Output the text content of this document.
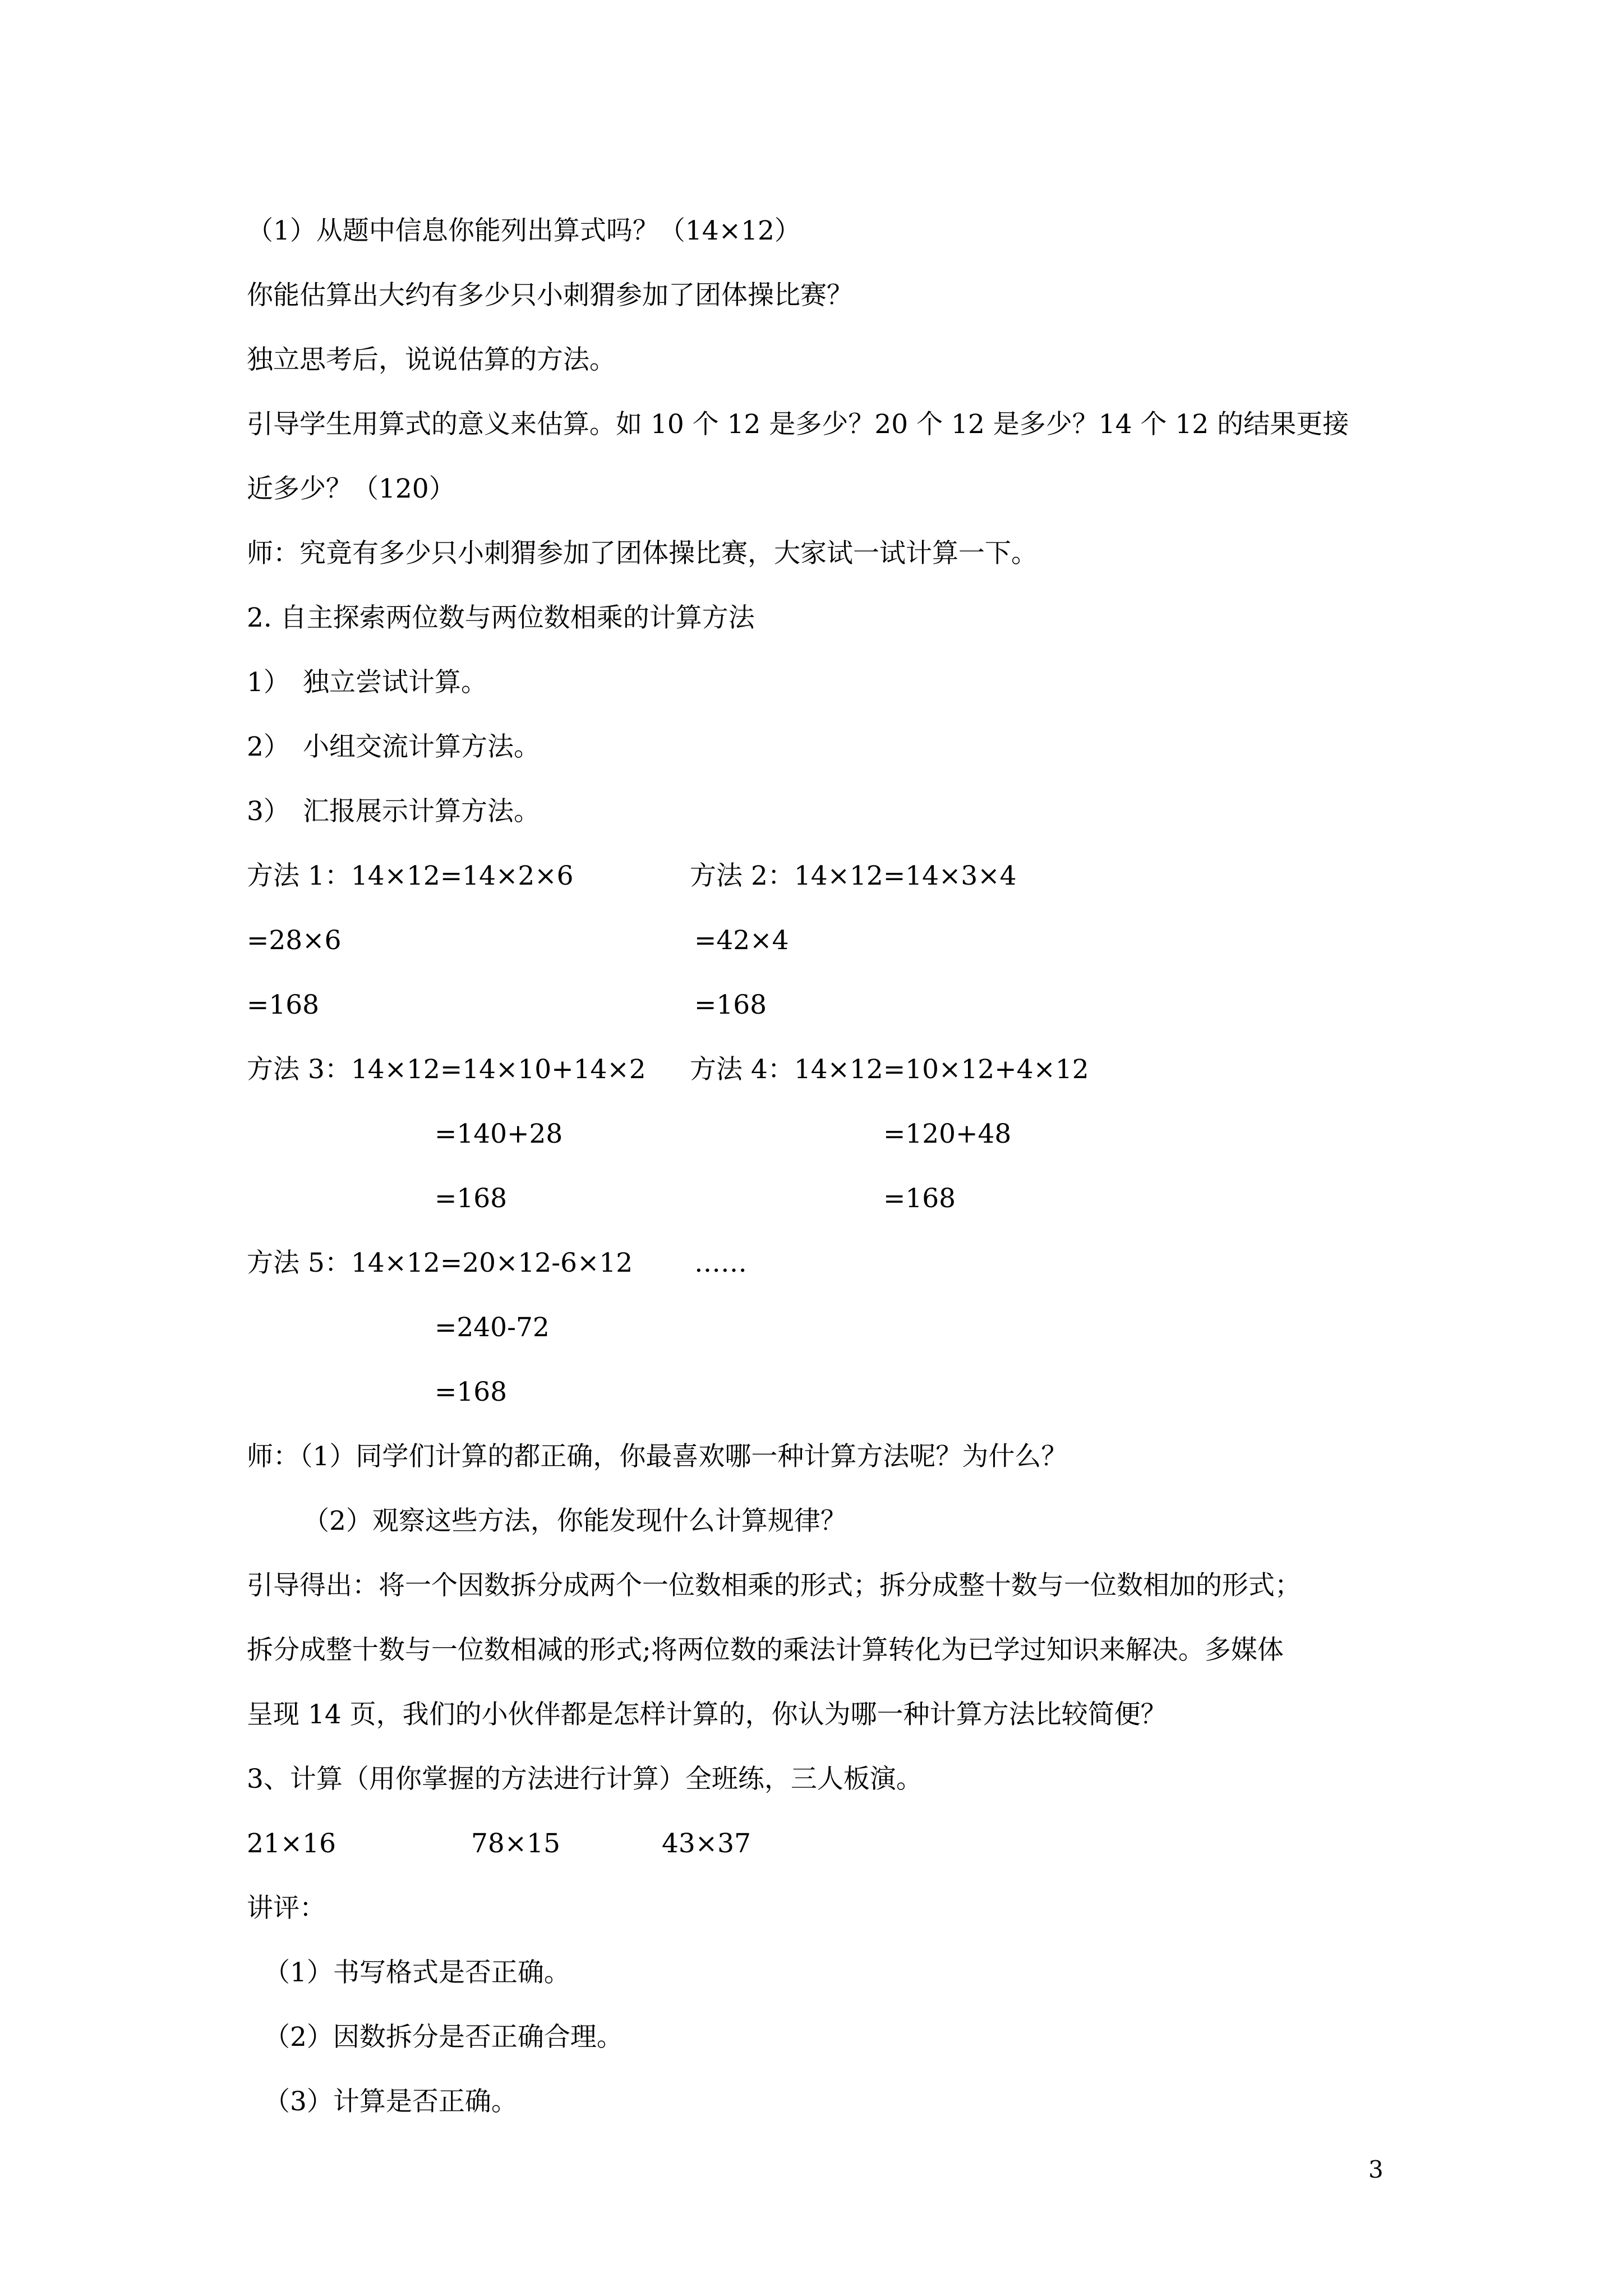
（1）从题中信息你能列出算式吗？（14×12）
你能估算出大约有多少只小刺猬参加了团体操比赛？
独立思考后，说说估算的方法。
引导学生用算式的意义来估算。如 10 个 12 是多少？20 个 12 是多少？14 个 12 的结果更接
近多少？（120）
师：究竟有多少只小刺猬参加了团体操比赛，大家试一试计算一下。
2. 自主探索两位数与两位数相乘的计算方法
1） 独立尝试计算。
2） 小组交流计算方法。
3） 汇报展示计算方法。
方法 1：14×12=14×2×6	方法 2：14×12=14×3×4
=28×6	=42×4
=168	=168
方法 3：14×12=14×10+14×2 方法 4：14×12=10×12+4×12
=140+28	=120+48
=168	=168
方法 5：14×12=20×12-6×12 ……
=240-72
=168
师：（1）同学们计算的都正确，你最喜欢哪一种计算方法呢？为什么？
（2）观察这些方法，你能发现什么计算规律？
引导得出：将一个因数拆分成两个一位数相乘的形式；拆分成整十数与一位数相加的形式；
拆分成整十数与一位数相减的形式;将两位数的乘法计算转化为已学过知识来解决。多媒体
呈现 14 页，我们的小伙伴都是怎样计算的，你认为哪一种计算方法比较简便？
3、计算（用你掌握的方法进行计算）全班练，三人板演。
21×16	78×15	43×37
讲评：
（1）书写格式是否正确。
（2）因数拆分是否正确合理。
（3）计算是否正确。
3
